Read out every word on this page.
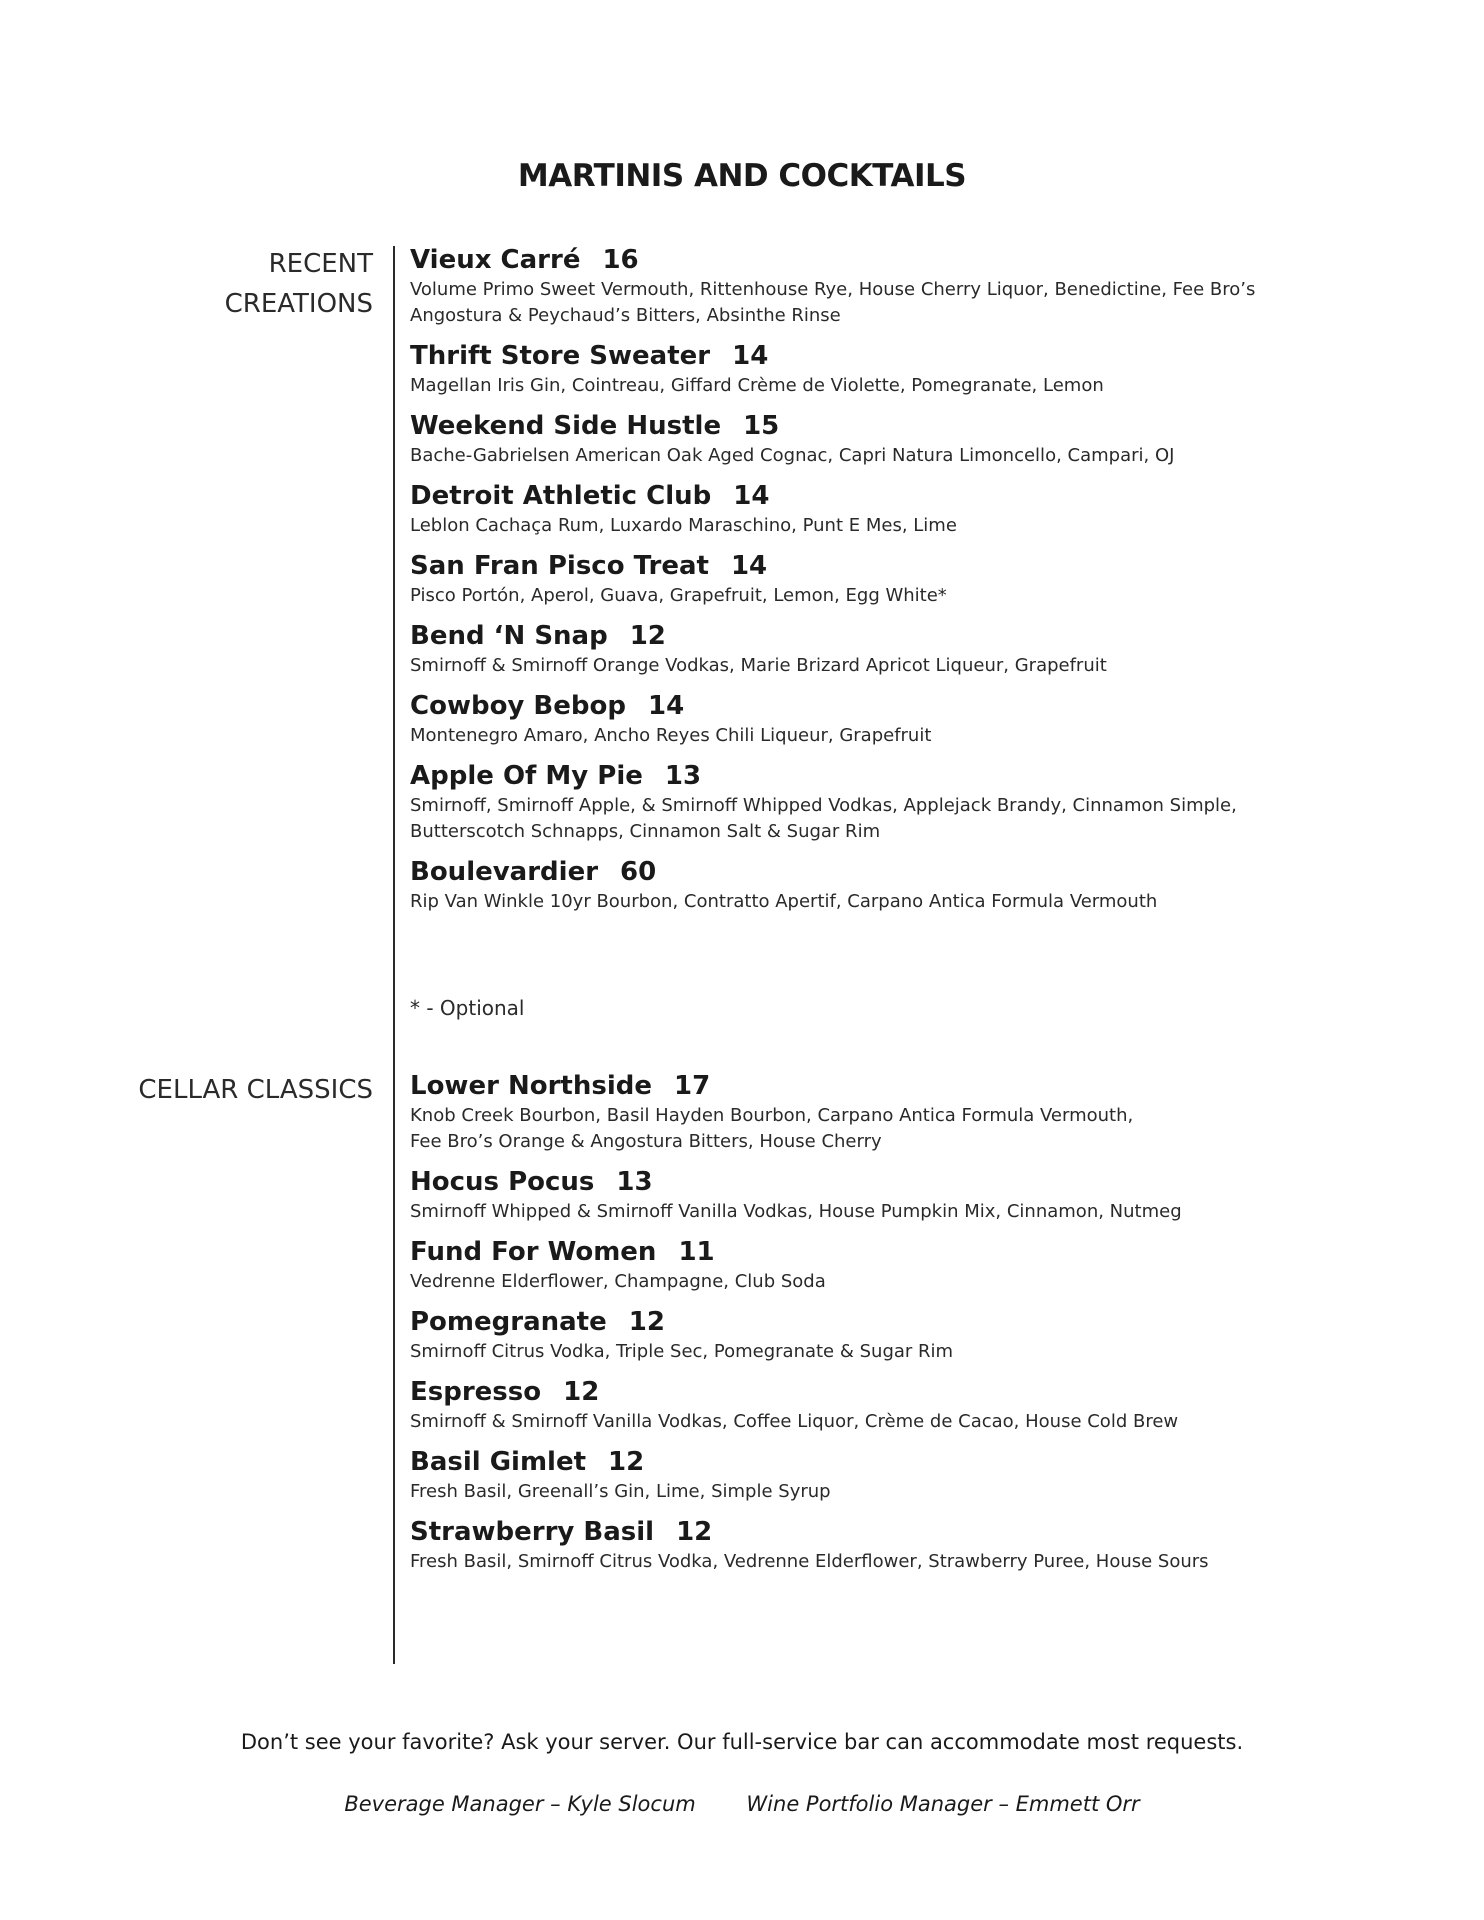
MARTINIS AND COCKTAILS
RECENT
CREATIONS
Vieux Carré 16
Volume Primo Sweet Vermouth, Rittenhouse Rye, House Cherry Liquor, Benedictine, Fee Bro’s
Angostura & Peychaud’s Bitters, Absinthe Rinse
Thrift Store Sweater 14
Magellan Iris Gin, Cointreau, Giffard Crème de Violette, Pomegranate, Lemon
Weekend Side Hustle 15
Bache-Gabrielsen American Oak Aged Cognac, Capri Natura Limoncello, Campari, OJ
Detroit Athletic Club 14
Leblon Cachaça Rum, Luxardo Maraschino, Punt E Mes, Lime
San Fran Pisco Treat 14
Pisco Portón, Aperol, Guava, Grapefruit, Lemon, Egg White*
Bend ‘N Snap 12
Smirnoff & Smirnoff Orange Vodkas, Marie Brizard Apricot Liqueur, Grapefruit
Cowboy Bebop 14
Montenegro Amaro, Ancho Reyes Chili Liqueur, Grapefruit
Apple Of My Pie 13
Smirnoff, Smirnoff Apple, & Smirnoff Whipped Vodkas, Applejack Brandy, Cinnamon Simple,
Butterscotch Schnapps, Cinnamon Salt & Sugar Rim
Boulevardier 60
Rip Van Winkle 10yr Bourbon, Contratto Apertif, Carpano Antica Formula Vermouth

* - Optional

CELLAR CLASSICS Lower Northside 17
Knob Creek Bourbon, Basil Hayden Bourbon, Carpano Antica Formula Vermouth,
Fee Bro’s Orange & Angostura Bitters, House Cherry
Hocus Pocus 13
Smirnoff Whipped & Smirnoff Vanilla Vodkas, House Pumpkin Mix, Cinnamon, Nutmeg
Fund For Women 11
Vedrenne Elderflower, Champagne, Club Soda
Pomegranate 12
Smirnoff Citrus Vodka, Triple Sec, Pomegranate & Sugar Rim
Espresso 12
Smirnoff & Smirnoff Vanilla Vodkas, Coffee Liquor, Crème de Cacao, House Cold Brew
Basil Gimlet 12
Fresh Basil, Greenall’s Gin, Lime, Simple Syrup
Strawberry Basil 12
Fresh Basil, Smirnoff Citrus Vodka, Vedrenne Elderflower, Strawberry Puree, House Sours

Don’t see your favorite? Ask your server. Our full-service bar can accommodate most requests.

Beverage Manager – Kyle Slocum Wine Portfolio Manager – Emmett Orr
